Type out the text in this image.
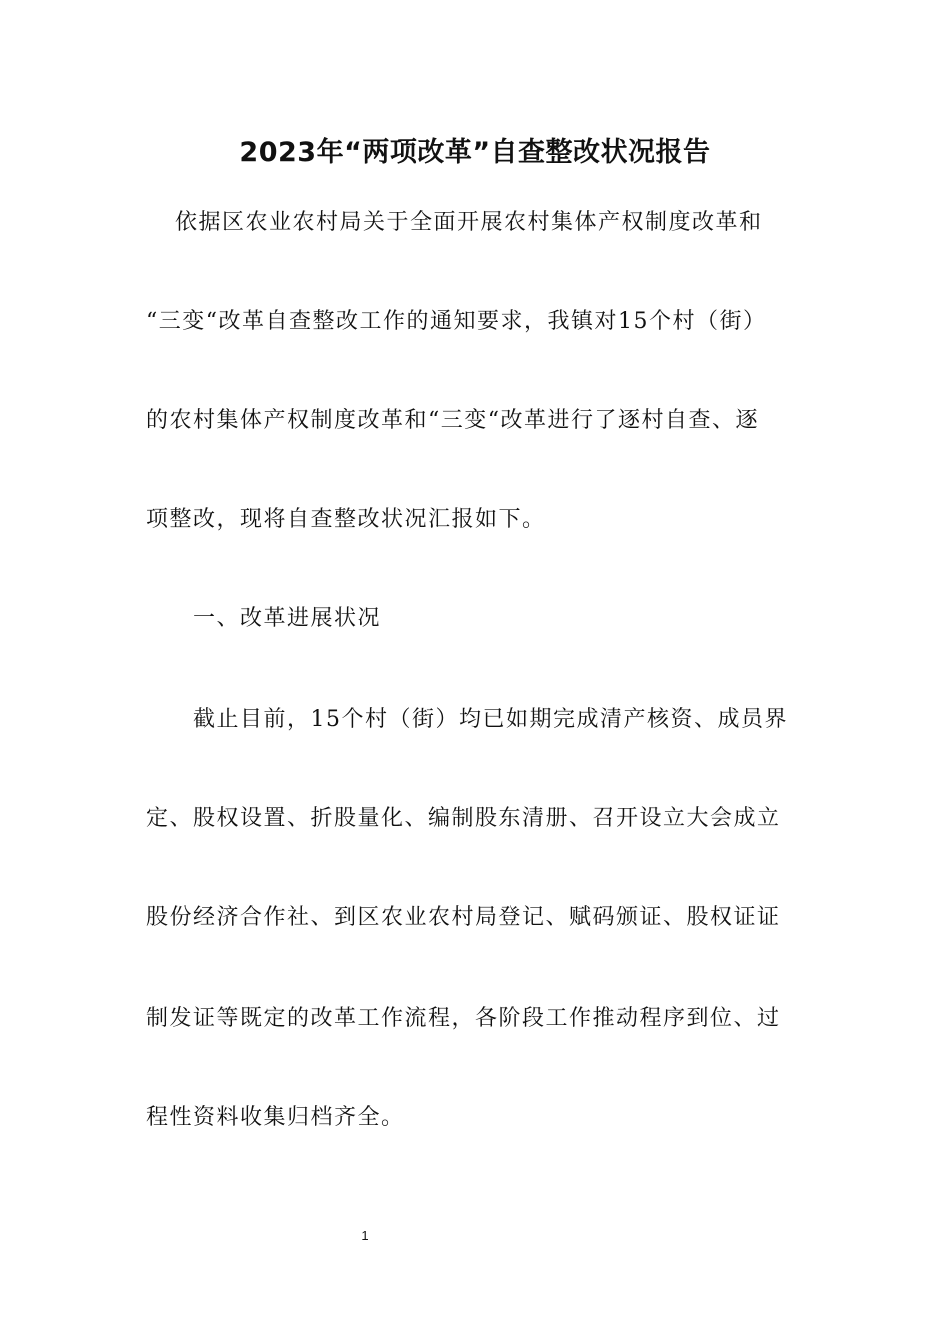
2023年“两项改革”自查整改状况报告

依据区农业农村局关于全面开展农村集体产权制度改革和

“三变“改革自查整改工作的通知要求，我镇对15个村（街）

的农村集体产权制度改革和“三变“改革进行了逐村自查、逐

项整改，现将自查整改状况汇报如下。

一、改革进展状况

截止目前，15个村（街）均已如期完成清产核资、成员界

定、股权设置、折股量化、编制股东清册、召开设立大会成立

股份经济合作社、到区农业农村局登记、赋码颁证、股权证证

制发证等既定的改革工作流程，各阶段工作推动程序到位、过

程性资料收集归档齐全。

1
